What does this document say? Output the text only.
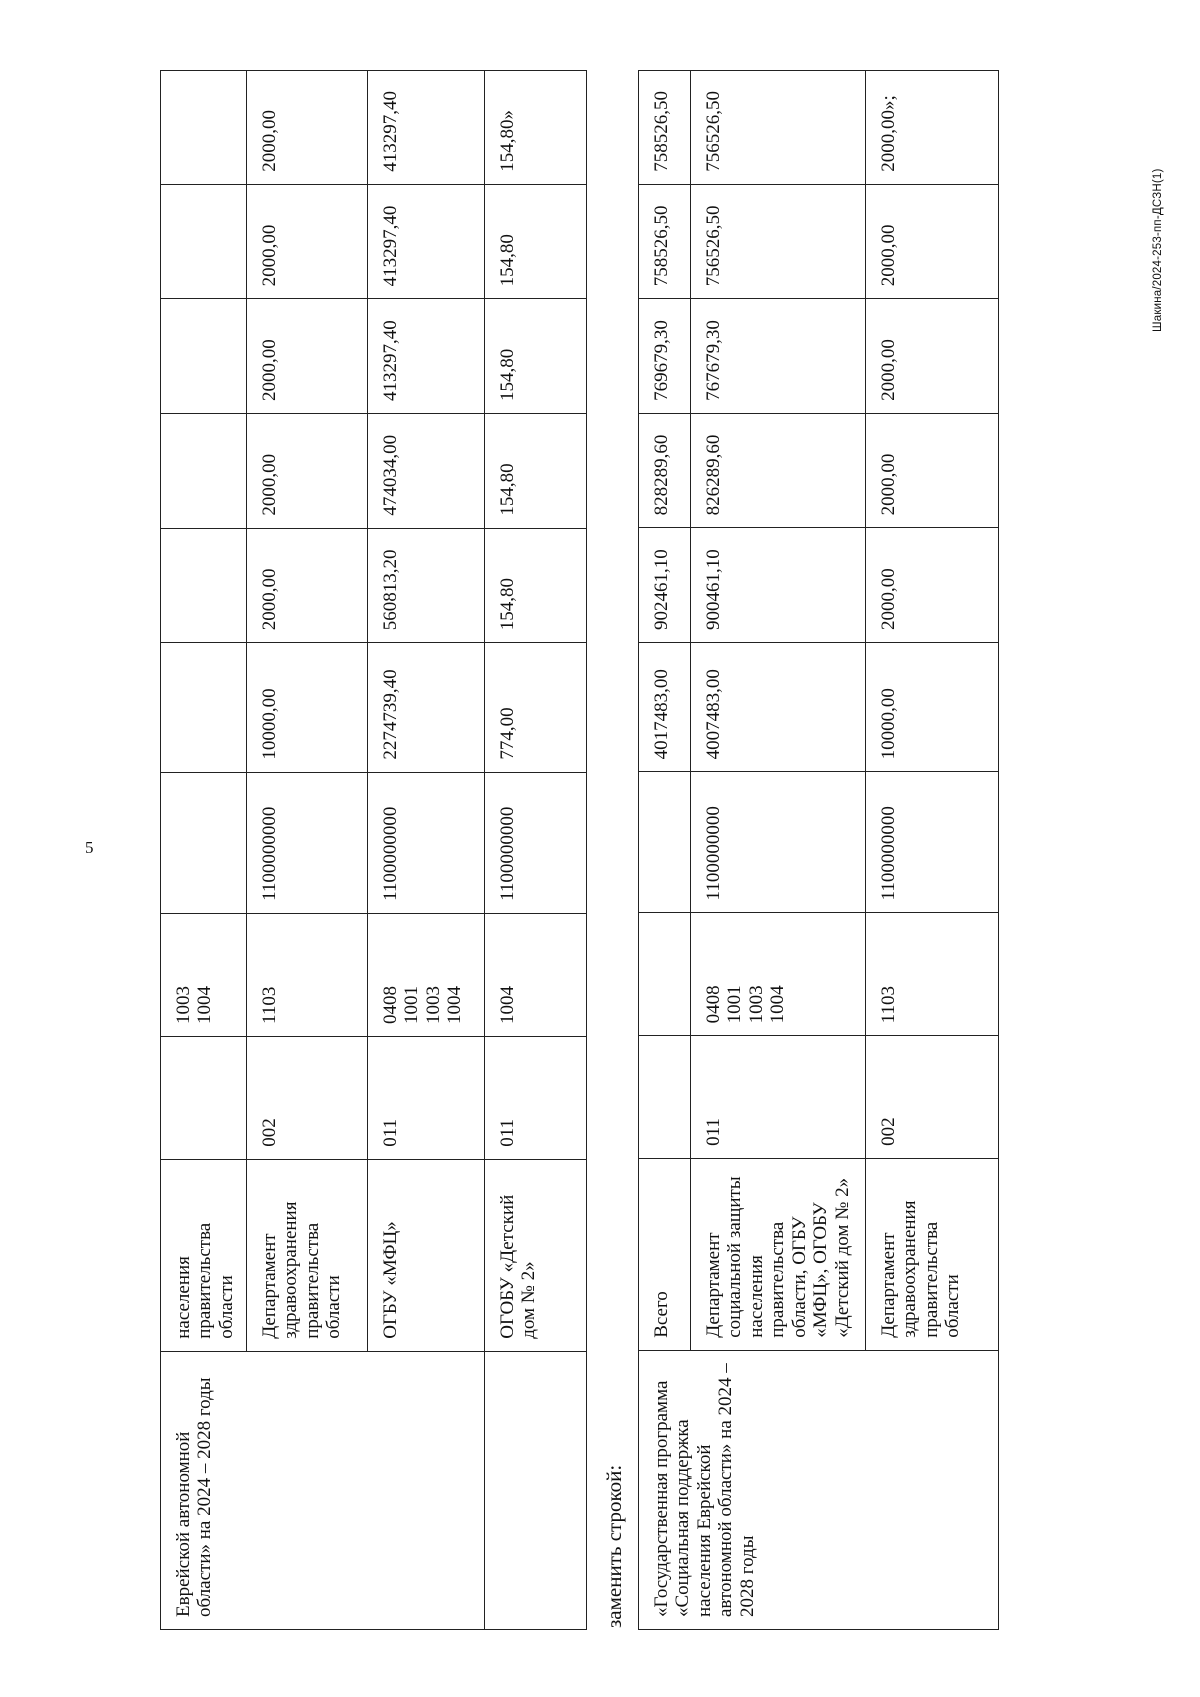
5
Шакина/2024-253-пп-ДСЗН(1)
Еврейской автономной области» на 2024 – 2028 годы	населения правительства области		1003
1004							
	Департамент здравоохранения правительства области	002	1103	1100000000	10000,00	2000,00	2000,00	2000,00	2000,00	2000,00
	ОГБУ «МФЦ»	011	0408
1001
1003
1004	1100000000	2274739,40	560813,20	474034,00	413297,40	413297,40	413297,40
	ОГОБУ «Детский дом № 2»	011	1004	1100000000	774,00	154,80	154,80	154,80	154,80	154,80»
заменить строкой: «Государственная программа «Социальная поддержка населения Еврейской автономной области» на 2024 – 2028 годы	Всего				4017483,00	902461,10	828289,60	769679,30	758526,50	758526,50
	Департамент социальной защиты населения правительства области, ОГБУ «МФЦ», ОГОБУ «Детский дом № 2»	011	0408
1001
1003
1004	1100000000	4007483,00	900461,10	826289,60	767679,30	756526,50	756526,50
	Департамент здравоохранения правительства области	002	1103	1100000000	10000,00	2000,00	2000,00	2000,00	2000,00	2000,00»;
